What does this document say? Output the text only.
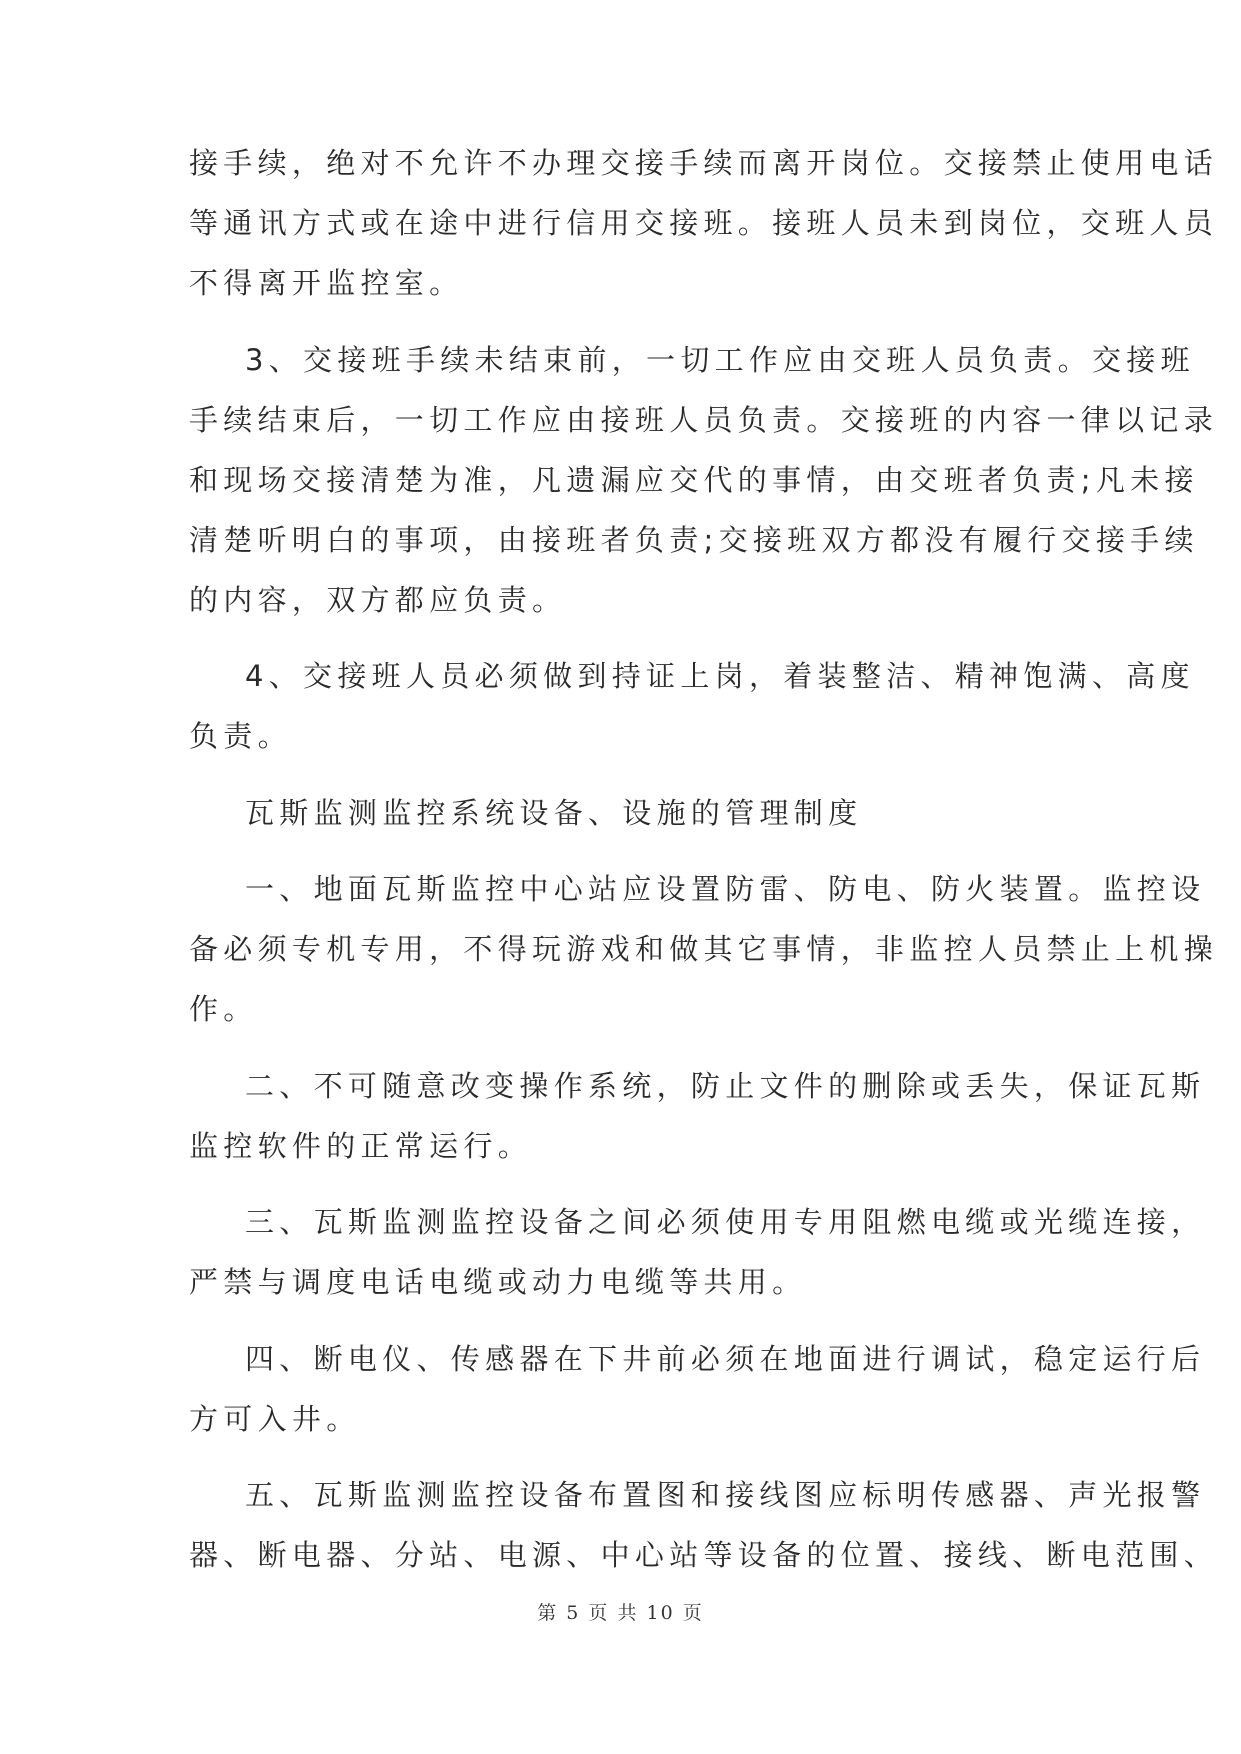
接手续，绝对不允许不办理交接手续而离开岗位。交接禁止使用电话
等通讯方式或在途中进行信用交接班。接班人员未到岗位，交班人员
不得离开监控室。
3、交接班手续未结束前，一切工作应由交班人员负责。交接班
手续结束后，一切工作应由接班人员负责。交接班的内容一律以记录
和现场交接清楚为准，凡遗漏应交代的事情，由交班者负责;凡未接
清楚听明白的事项，由接班者负责;交接班双方都没有履行交接手续
的内容，双方都应负责。
4、交接班人员必须做到持证上岗，着装整洁、精神饱满、高度
负责。
瓦斯监测监控系统设备、设施的管理制度
一、地面瓦斯监控中心站应设置防雷、防电、防火装置。监控设
备必须专机专用，不得玩游戏和做其它事情，非监控人员禁止上机操
作。
二、不可随意改变操作系统，防止文件的删除或丢失，保证瓦斯
监控软件的正常运行。
三、瓦斯监测监控设备之间必须使用专用阻燃电缆或光缆连接，
严禁与调度电话电缆或动力电缆等共用。
四、断电仪、传感器在下井前必须在地面进行调试，稳定运行后
方可入井。
五、瓦斯监测监控设备布置图和接线图应标明传感器、声光报警
器、断电器、分站、电源、中心站等设备的位置、接线、断电范围、
第 5 页 共 10 页
